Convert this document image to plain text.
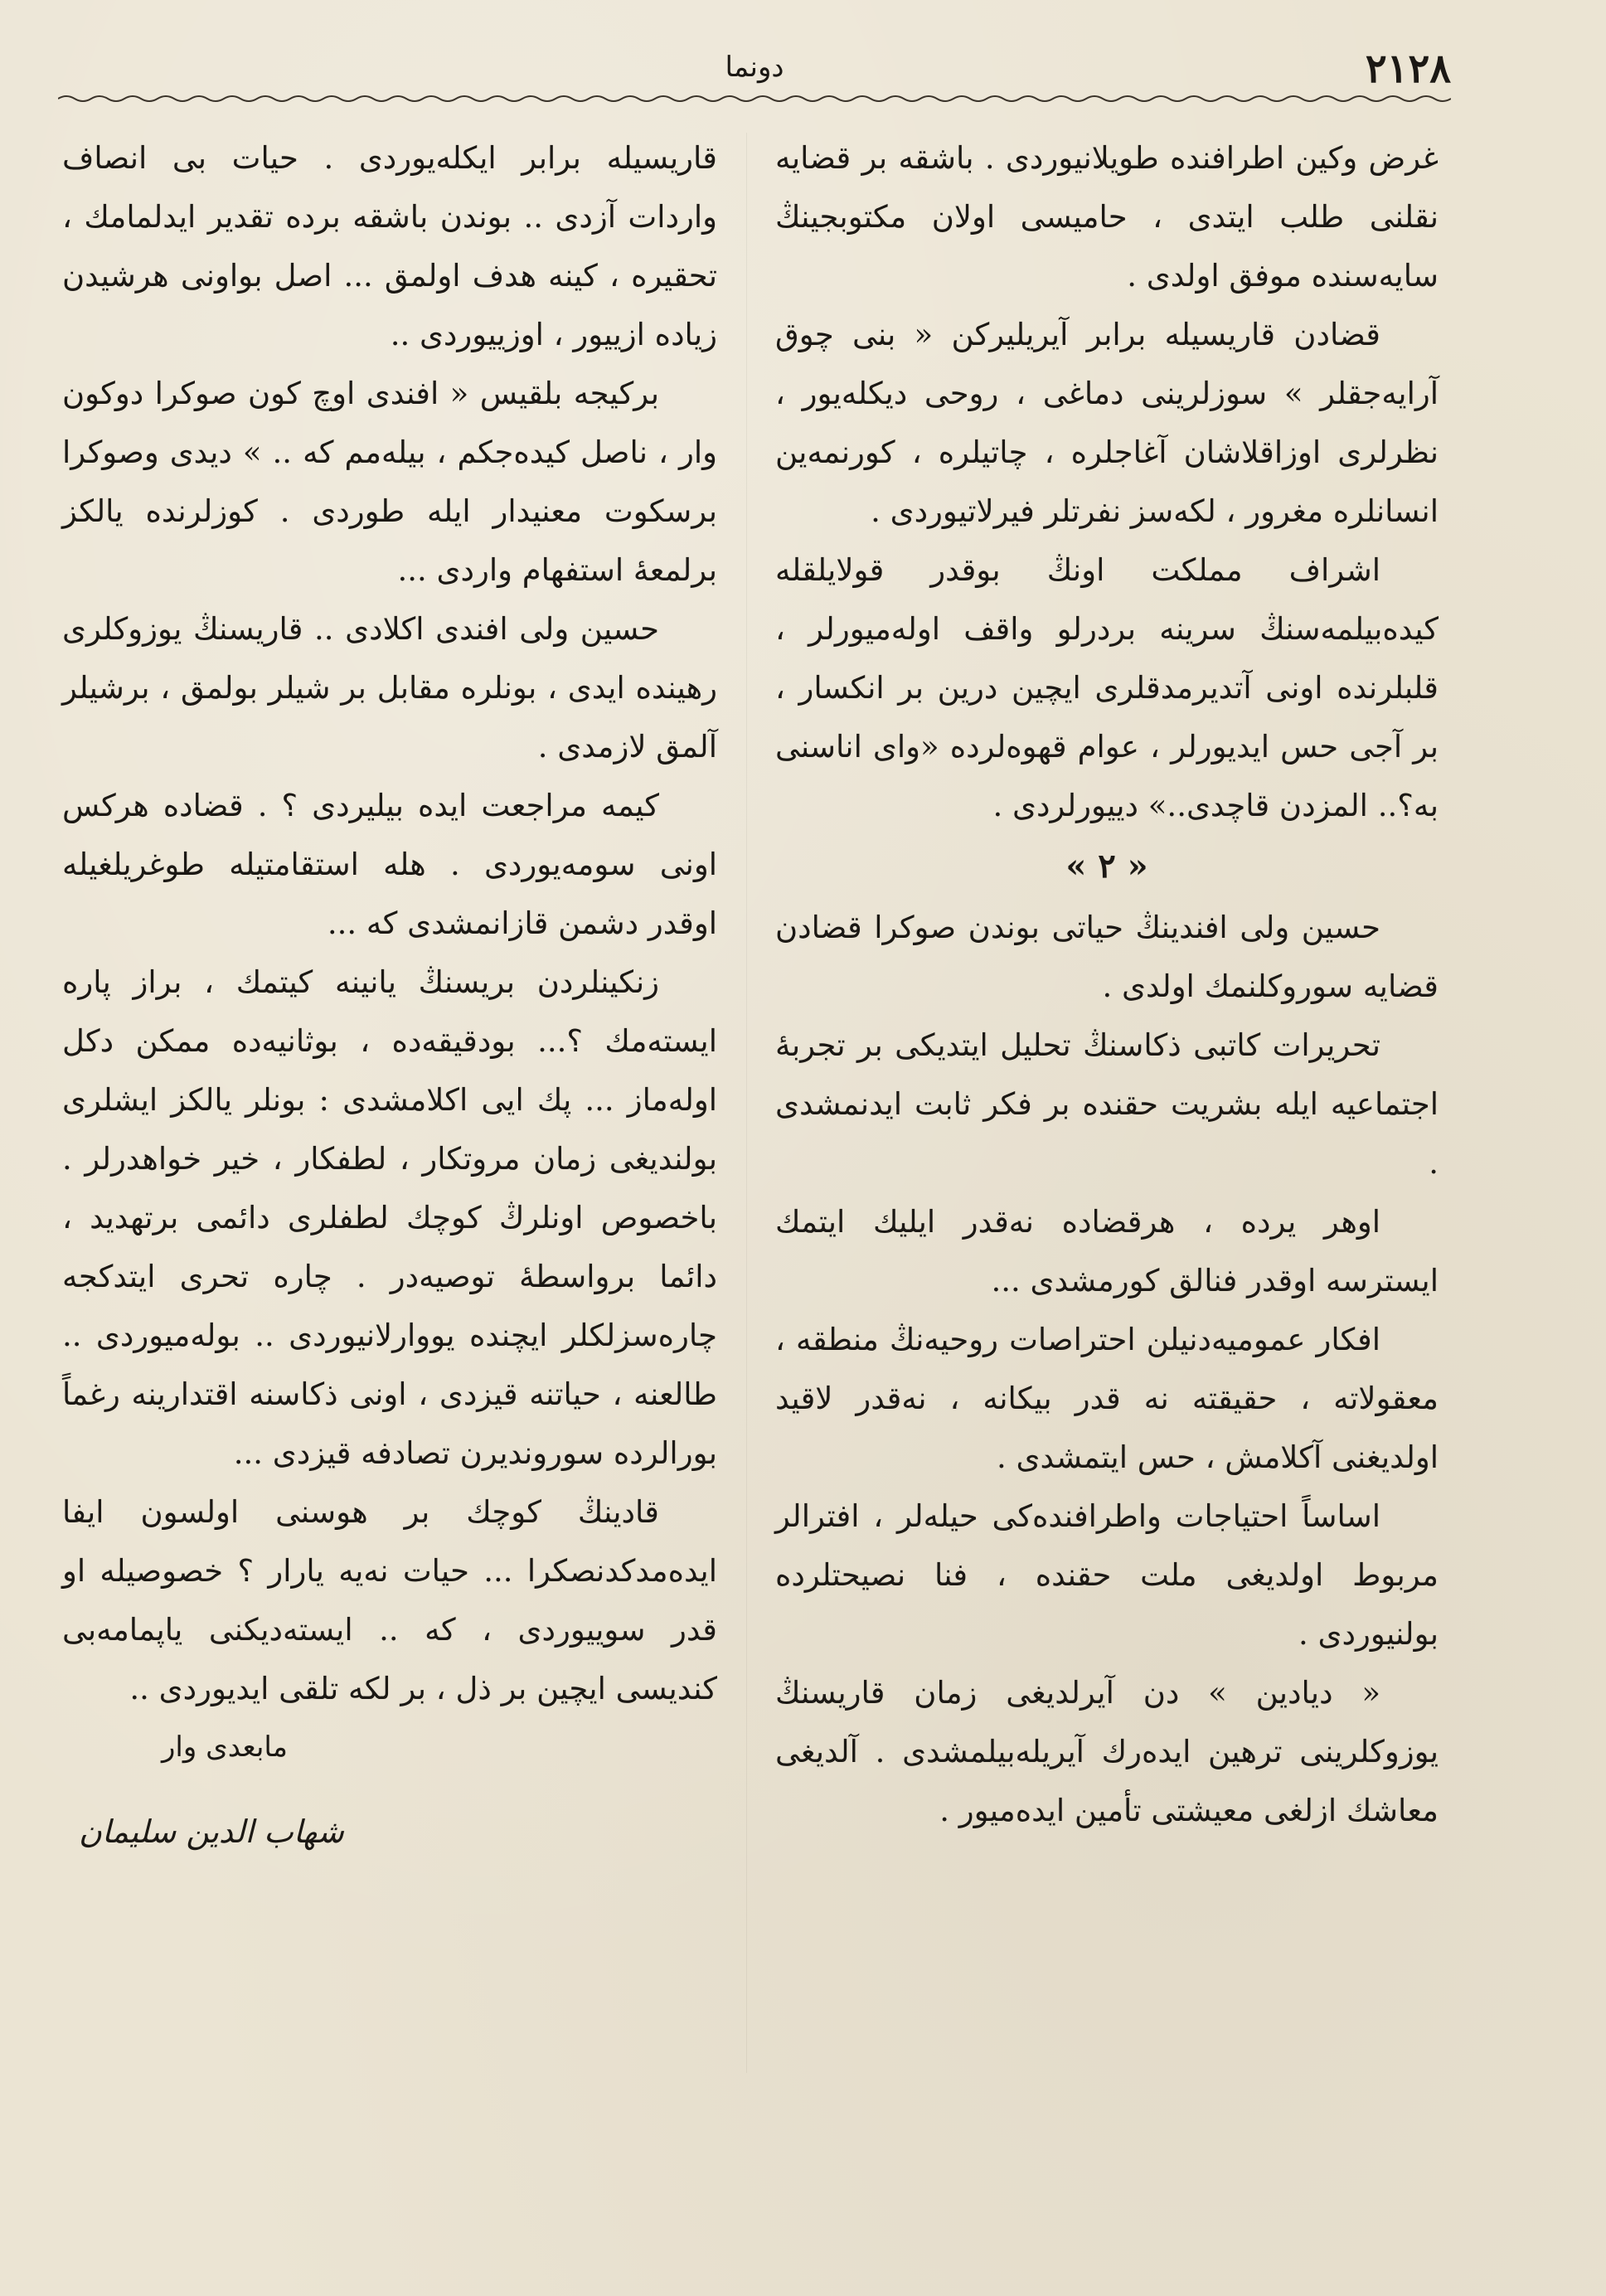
۲۱۲۸
دونما

غرض وکین اطرافنده طویلانیوردی . باشقه بر قضایه نقلنی طلب ایتدی ، حامیسی اولان مکتوبجینڭ سایه‌سنده موفق اولدی .

قضادن قاریسیله برابر آیریلیرکن « بنی چوق آرایه‌جقلر » سوزلرینی دماغی ، روحی دیکله‌یور ، نظرلری اوزاقلاشان آغاجلره ، چاتیلره ، کورنمه‌ین انسانلره مغرور ، لکه‌سز نفرتلر فیرلاتیوردی .

اشراف مملکت اونڭ بوقدر قولایلقله کیده‌بیلمه‌سنڭ سرینه بردرلو واقف اوله‌میورلر ، قلبلرنده اونی آتدیرمدقلری ایچین درین بر انکسار ، بر آجی حس ایدیورلر ، عوام قهوه‌لرده «وای اناسنی به؟.. المزدن قاچدی..» دییورلردی .

« ۲ »

حسین ولی افندینڭ حیاتی بوندن صوکرا قضادن قضایه سوروکلنمك اولدی .

تحریرات کاتبی ذکاسنڭ تحلیل ایتدیکی بر تجربهٔ اجتماعیه ایله بشریت حقنده بر فکر ثابت ایدنمشدی .

اوهر یرده ، هرقضاده نه‌قدر ایلیك ایتمك ایسترسه اوقدر فنالق کورمشدی ...

افکار عمومیه‌دنیلن احتراصات روحیه‌نڭ منطقه ، معقولاته ، حقیقته نه قدر بیکانه ، نه‌قدر لاقید اولدیغنی آکلامش ، حس ایتمشدی .

اساساً احتیاجات واطرافنده‌کی حیله‌لر ، افترالر مربوط اولدیغی ملت حقنده ، فنا نصیحتلرده بولنیوردی .

« دیادین » دن آیرلدیغی زمان قاریسنڭ یوزوکلرینی ترهین ایده‌رك آیریله‌بیلمشدی . آلدیغی معاشك ازلغی معیشتی تأمین ایده‌میور .

قاریسیله برابر ایکله‌یوردی . حیات بی انصاف واردات آزدی .. بوندن باشقه برده تقدیر ایدلمامك ، تحقیره ، کینه هدف اولمق ... اصل بواونی هرشیدن زیاده ازییور ، اوزییوردی ..

برکیجه بلقیس « افندی اوچ کون صوکرا دوکون وار ، ناصل کیده‌جکم ، بیله‌مم که .. » دیدی وصوکرا برسکوت معنیدار ایله طوردی . کوزلرنده یالکز برلمعهٔ استفهام واردی ...

حسین ولی افندی اکلادی .. قاریسنڭ یوزوکلری رهینده ایدی ، بونلره مقابل بر شیلر بولمق ، برشیلر آلمق لازمدی .

کیمه مراجعت ایده بیلیردی ؟ . قضاده هرکس اونی سومه‌یوردی . هله استقامتیله طوغریلغیله اوقدر دشمن قازانمشدی که ...

زنکینلردن بریسنڭ یانینه کیتمك ، براز پاره ایسته‌مك ؟... بودقیقه‌ده ، بوثانیه‌ده ممکن دکل اوله‌ماز ... پك ایی اکلامشدی : بونلر یالکز ایشلری بولندیغی زمان مروتکار ، لطفکار ، خیر خواهدرلر . باخصوص اونلرڭ کوچك لطفلری دائمی برتهدید ، دائما برواسطهٔ توصیه‌در . چاره تحری ایتدکجه چاره‌سزلکلر ایچنده یووارلانیوردی .. بوله‌میوردی .. طالعنه ، حیاتنه قیزدی ، اونی ذکاسنه اقتدارینه رغماً بورالرده سوروندیرن تصادفه قیزدی ...

قادینڭ کوچك بر هوسنی اولسون ایفا ایده‌مدکدنصکرا ... حیات نه‌یه یارار ؟ خصوصیله او قدر سوییوردی ، که .. ایسته‌دیکنی یاپمامه‌بی کندیسی ایچین بر ذل ، بر لکه تلقی ایدیوردی ..

مابعدی وار
شهاب الدین سلیمان
